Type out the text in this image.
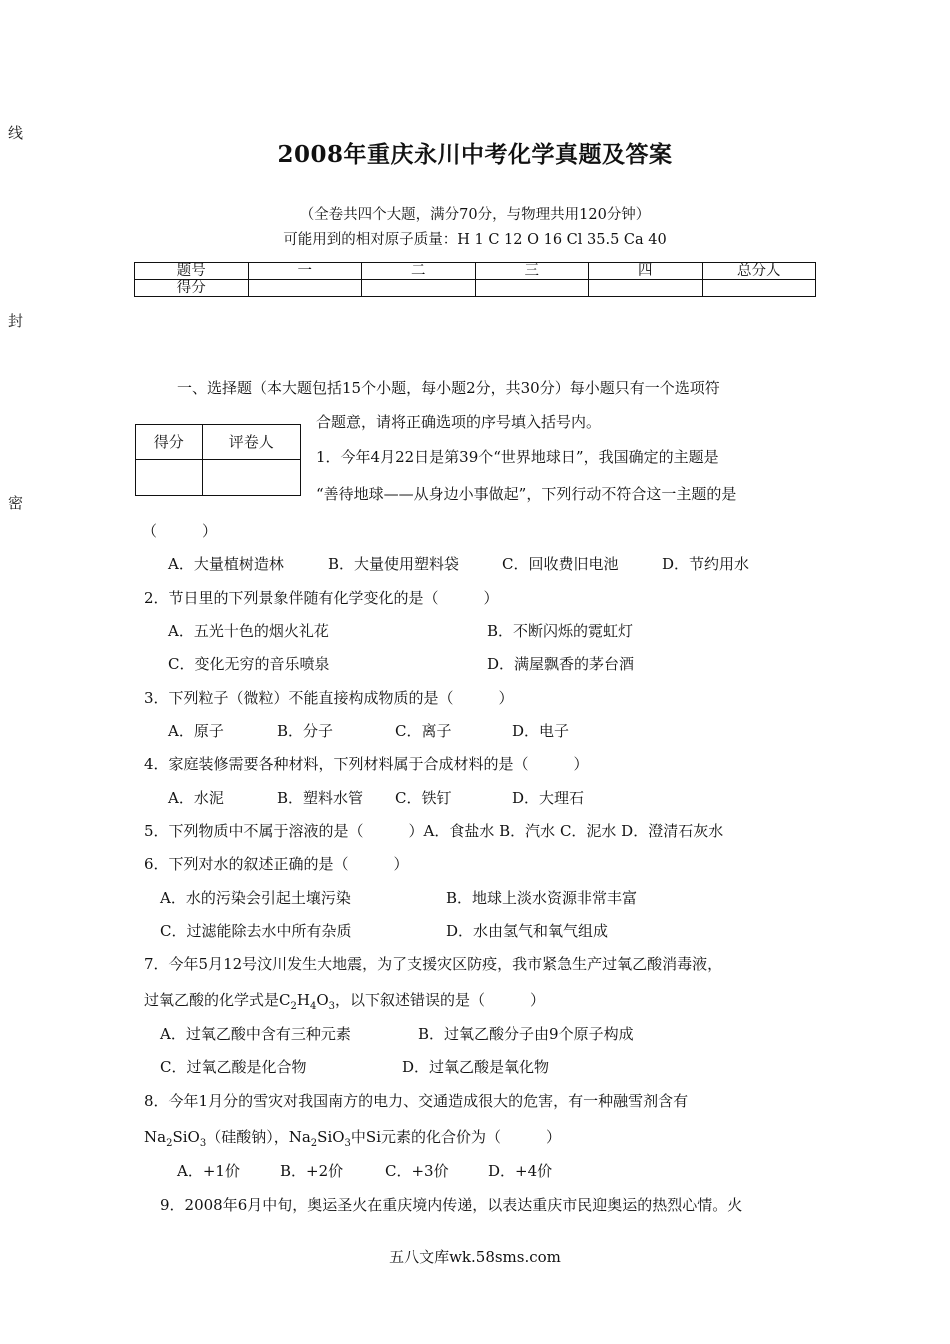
线
封
密
2008年重庆永川中考化学真题及答案
（全卷共四个大题，满分70分，与物理共用120分钟）
可能用到的相对原子质量：H 1 C 12 O 16 Cl 35.5 Ca 40
题号	一	二	三	四	总分人
得分					
一、选择题（本大题包括15个小题，每小题2分，共30分）每小题只有一个选项符
合题意，请将正确选项的序号填入括号内。
得分	评卷人

1．今年4月22日是第39个“世界地球日”，我国确定的主题是
“善待地球——从身边小事做起”，下列行动不符合这一主题的是
（　　　）
A．大量植树造林	B．大量使用塑料袋	C．回收费旧电池	D．节约用水
2．节日里的下列景象伴随有化学变化的是（　　　）
A．五光十色的烟火礼花	B．不断闪烁的霓虹灯
C．变化无穷的音乐喷泉	D．满屋飘香的茅台酒
3．下列粒子（微粒）不能直接构成物质的是（　　　）
A．原子	B．分子	C．离子	D．电子
4．家庭装修需要各种材料，下列材料属于合成材料的是（　　　）
A．水泥	B．塑料水管 C．铁钉	D．大理石
5．下列物质中不属于溶液的是（　　　）A．食盐水 B．汽水 C．泥水 D．澄清石灰水
6．下列对水的叙述正确的是（　　　）
A．水的污染会引起土壤污染	B．地球上淡水资源非常丰富
C．过滤能除去水中所有杂质	D．水由氢气和氧气组成
7．今年5月12号汶川发生大地震，为了支援灾区防疫，我市紧急生产过氧乙酸消毒液，
过氧乙酸的化学式是$C_2H_4O_3$，以下叙述错误的是（　　　）
A．过氧乙酸中含有三种元素	B．过氧乙酸分子由9个原子构成
C．过氧乙酸是化合物	D．过氧乙酸是氧化物
8．今年1月分的雪灾对我国南方的电力、交通造成很大的危害，有一种融雪剂含有
$Na_2SiO_3$（硅酸钠），$Na_2SiO_3$中Si元素的化合价为（　　　）
A．+1价	B．+2价	C．+3价	D．+4价
9．2008年6月中旬，奥运圣火在重庆境内传递，以表达重庆市民迎奥运的热烈心情。火
五八文库wk.58sms.com
